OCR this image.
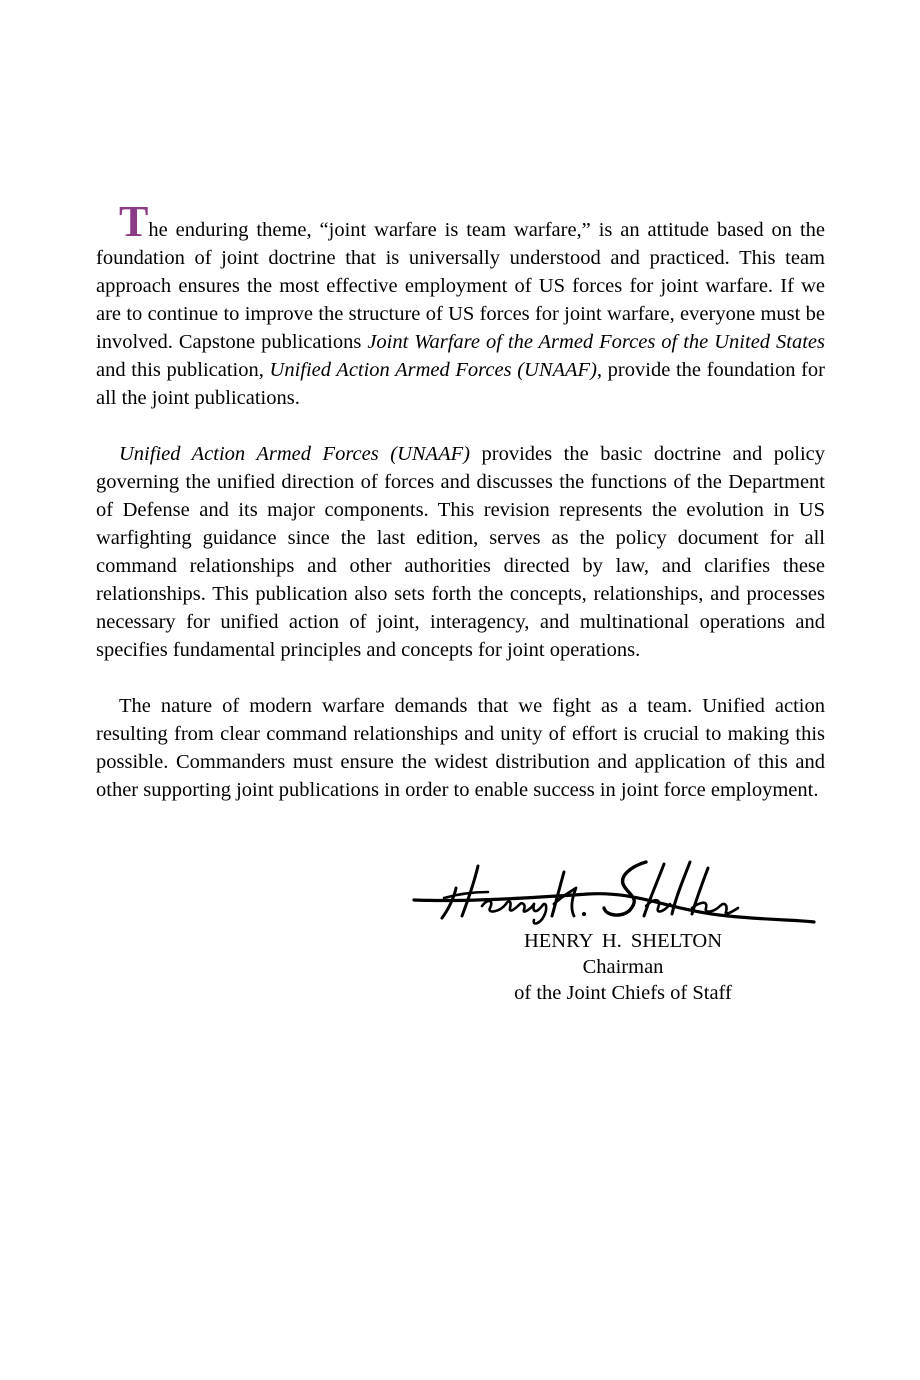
The enduring theme, “joint warfare is team warfare,” is an attitude based on the foundation of joint doctrine that is universally understood and practiced. This team approach ensures the most effective employment of US forces for joint warfare. If we are to continue to improve the structure of US forces for joint warfare, everyone must be involved. Capstone publications Joint Warfare of the Armed Forces of the United States and this publication, Unified Action Armed Forces (UNAAF), provide the foundation for all the joint publications.

Unified Action Armed Forces (UNAAF) provides the basic doctrine and policy governing the unified direction of forces and discusses the functions of the Department of Defense and its major components. This revision represents the evolution in US warfighting guidance since the last edition, serves as the policy document for all command relationships and other authorities directed by law, and clarifies these relationships. This publication also sets forth the concepts, relationships, and processes necessary for unified action of joint, interagency, and multinational operations and specifies fundamental principles and concepts for joint operations.

The nature of modern warfare demands that we fight as a team. Unified action resulting from clear command relationships and unity of effort is crucial to making this possible. Commanders must ensure the widest distribution and application of this and other supporting joint publications in order to enable success in joint force employment.

HENRY H. SHELTON
Chairman
of the Joint Chiefs of Staff
